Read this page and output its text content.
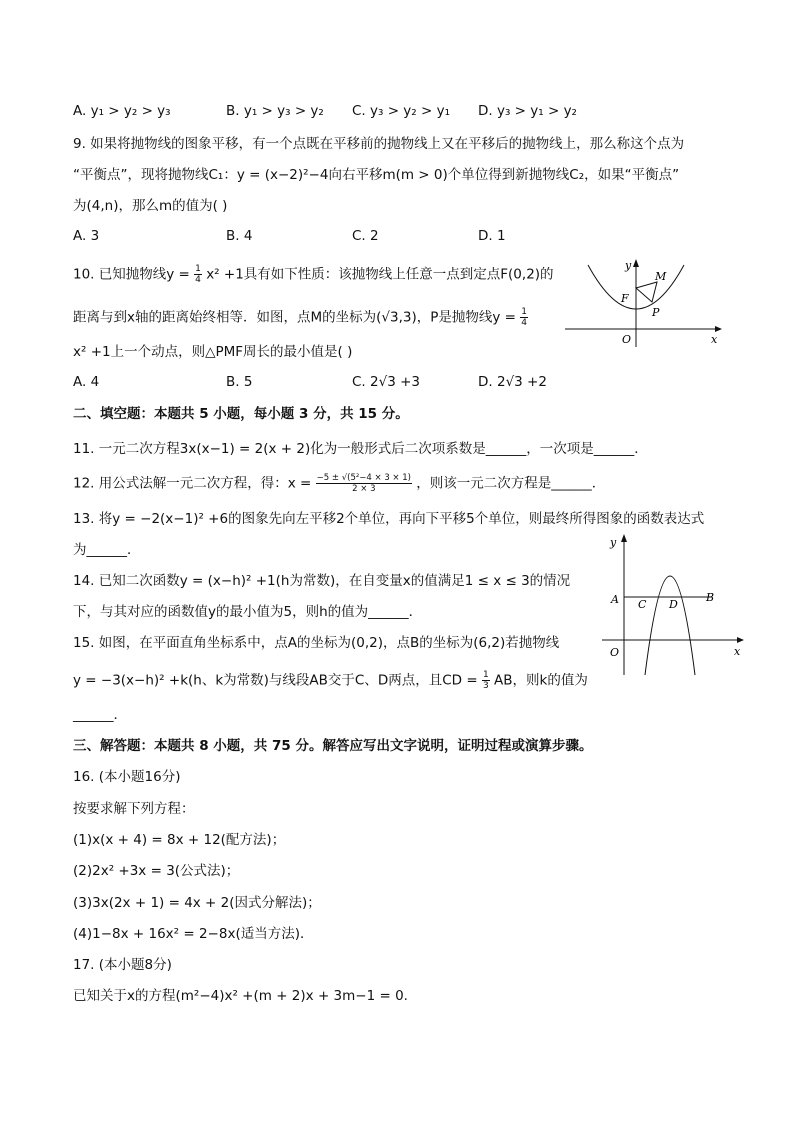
A. y₁ > y₂ > y₃	B. y₁ > y₃ > y₂ C. y₃ > y₂ > y₁ D. y₃ > y₁ > y₂
9. 如果将抛物线的图象平移，有一个点既在平移前的抛物线上又在平移后的抛物线上，那么称这个点为
“平衡点”，现将抛物线C₁：y = (x−2)²−4向右平移m(m > 0)个单位得到新抛物线C₂，如果“平衡点”
为(4,n)，那么m的值为( )
A. 3	B. 4	C. 2	D. 1
10. 已知抛物线$y = \frac{1}{4} x^2 +1$具有如下性质：该抛物线上任意一点到定点F(0,2)的
距离与到x轴的距离始终相等．如图，点M的坐标为(√3,3)，P是抛物线$y = \frac{1}{4}$
x² +1上一个动点，则△PMF周长的最小值是( )
A. 4	B. 5	C. 2√3 +3	D. 2√3 +2
y
x
O
F
M
P
二、填空题：本题共 5 小题，每小题 3 分，共 15 分。
11. 一元二次方程3x(x−1) = 2(x + 2)化为一般形式后二次项系数是______，一次项是______．
12. 用公式法解一元二次方程，得：$x = \frac{\text{−5 ± √(5²−4 × 3 × 1)}}{2 \times 3}$ ，则该一元二次方程是______．
13. 将y = −2(x−1)² +6的图象先向左平移2个单位，再向下平移5个单位，则最终所得图象的函数表达式
为______．
14. 已知二次函数y = (x−h)² +1(h为常数)，在自变量x的值满足1 ≤ x ≤ 3的情况
下，与其对应的函数值y的最小值为5，则h的值为______．
15. 如图，在平面直角坐标系中，点A的坐标为(0,2)，点B的坐标为(6,2)若抛物线
y = −3(x−h)² +k(h、k为常数)与线段AB交于C、D两点，且CD = $\frac{1}{3}$ AB，则k的值为
______．
A	B
C D
O
y
x
三、解答题：本题共 8 小题，共 75 分。解答应写出文字说明，证明过程或演算步骤。
16. (本小题16分)
按要求解下列方程：
(1)x(x + 4) = 8x + 12(配方法)；
(2)2x² +3x = 3(公式法)；
(3)3x(2x + 1) = 4x + 2(因式分解法)；
(4)1−8x + 16x² = 2−8x(适当方法)．
17. (本小题8分)
已知关于x的方程(m²−4)x² +(m + 2)x + 3m−1 = 0.
